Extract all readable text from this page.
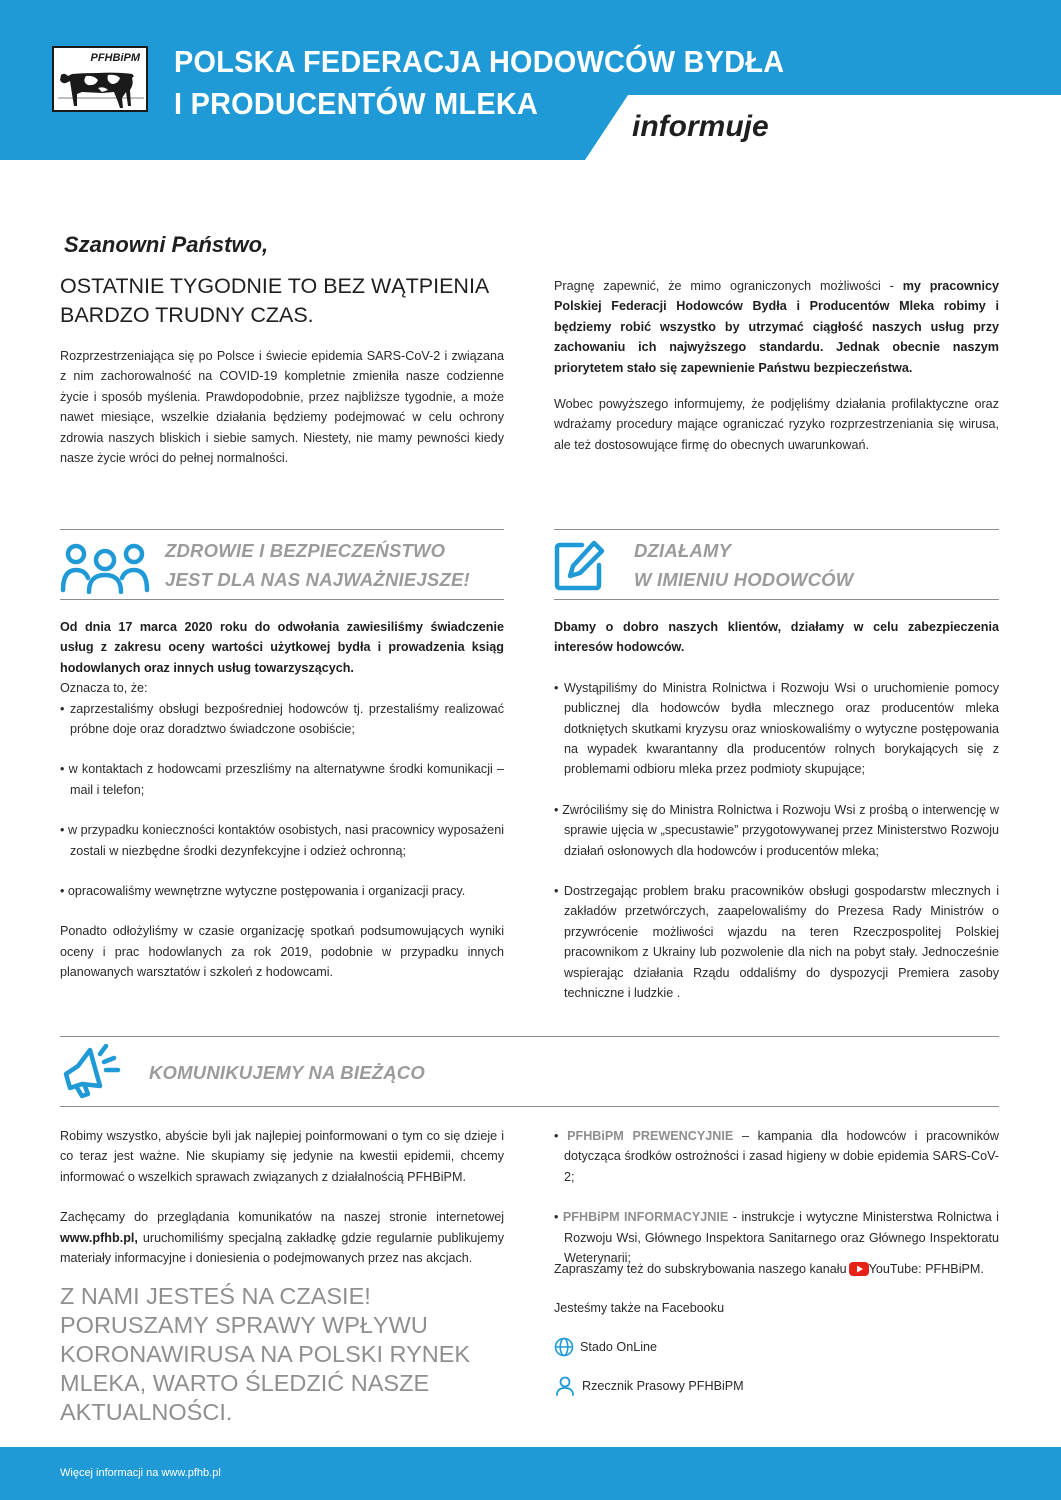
PFHBiPM POLSKA FEDERACJA HODOWCÓW BYDŁA
I PRODUCENTÓW MLEKA
informuje
Szanowni Państwo,
OSTATNIE TYGODNIE TO BEZ WĄTPIENIA
BARDZO TRUDNY CZAS.

Rozprzestrzeniająca się po Polsce i świecie epidemia SARS-CoV-2 i związana z nim zachorowalność na COVID-19 kompletnie zmieniła nasze codzienne życie i sposób myślenia. Prawdopodobnie, przez najbliższe tygodnie, a może nawet miesiące, wszelkie działania będziemy podejmować w celu ochrony zdrowia naszych bliskich i siebie samych. Niestety, nie mamy pewności kiedy nasze życie wróci do pełnej normalności.

Pragnę zapewnić, że mimo ograniczonych możliwości - my pracownicy Polskiej Federacji Hodowców Bydła i Producentów Mleka robimy i będziemy robić wszystko by utrzymać ciągłość naszych usług przy zachowaniu ich najwyższego standardu. Jednak obecnie naszym priorytetem stało się zapewnienie Państwu bezpieczeństwa.

Wobec powyższego informujemy, że podjęliśmy działania profilaktyczne oraz wdrażamy procedury mające ograniczać ryzyko rozprzestrzeniania się wirusa, ale też dostosowujące firmę do obecnych uwarunkowań.

ZDROWIE I BEZPIECZEŃSTWO
JEST DLA NAS NAJWAŻNIEJSZE!

Od dnia 17 marca 2020 roku do odwołania zawiesiliśmy świadczenie usług z zakresu oceny wartości użytkowej bydła i prowadzenia ksiąg hodowlanych oraz innych usług towarzyszących.

Oznacza to, że:

• zaprzestaliśmy obsługi bezpośredniej hodowców tj. przestaliśmy realizować próbne doje oraz doradztwo świadczone osobiście;

• w kontaktach z hodowcami przeszliśmy na alternatywne środki komunikacji – mail i telefon;

• w przypadku konieczności kontaktów osobistych, nasi pracownicy wyposażeni zostali w niezbędne środki dezynfekcyjne i odzież ochronną;

• opracowaliśmy wewnętrzne wytyczne postępowania i organizacji pracy.

Ponadto odłożyliśmy w czasie organizację spotkań podsumowujących wyniki oceny i prac hodowlanych za rok 2019, podobnie w przypadku innych planowanych warsztatów i szkoleń z hodowcami.

DZIAŁAMY
W IMIENIU HODOWCÓW

Dbamy o dobro naszych klientów, działamy w celu zabezpieczenia interesów hodowców.

• Wystąpiliśmy do Ministra Rolnictwa i Rozwoju Wsi o uruchomienie pomocy publicznej dla hodowców bydła mlecznego oraz producentów mleka dotkniętych skutkami kryzysu oraz wnioskowaliśmy o wytyczne postępowania na wypadek kwarantanny dla producentów rolnych borykających się z problemami odbioru mleka przez podmioty skupujące;

• Zwróciliśmy się do Ministra Rolnictwa i Rozwoju Wsi z prośbą o interwencję w sprawie ujęcia w „specustawie” przygotowywanej przez Ministerstwo Rozwoju działań osłonowych dla hodowców i producentów mleka;

• Dostrzegając problem braku pracowników obsługi gospodarstw mlecznych i zakładów przetwórczych, zaapelowaliśmy do Prezesa Rady Ministrów o przywrócenie możliwości wjazdu na teren Rzeczpospolitej Polskiej pracownikom z Ukrainy lub pozwolenie dla nich na pobyt stały. Jednocześnie wspierając działania Rządu oddaliśmy do dyspozycji Premiera zasoby techniczne i ludzkie .

KOMUNIKUJEMY NA BIEŻĄCO

Robimy wszystko, abyście byli jak najlepiej poinformowani o tym co się dzieje i co teraz jest ważne. Nie skupiamy się jedynie na kwestii epidemii, chcemy informować o wszelkich sprawach związanych z działalnością PFHBiPM.

Zachęcamy do przeglądania komunikatów na naszej stronie internetowej www.pfhb.pl, uruchomiliśmy specjalną zakładkę gdzie regularnie publikujemy materiały informacyjne i doniesienia o podejmowanych przez nas akcjach.

Z NAMI JESTEŚ NA CZASIE! PORUSZAMY SPRAWY WPŁYWU KORONAWIRUSA NA POLSKI RYNEK MLEKA, WARTO ŚLEDZIĆ NASZE AKTUALNOŚCI.

• PFHBiPM PREWENCYJNIE – kampania dla hodowców i pracowników dotycząca środków ostrożności i zasad higieny w dobie epidemia SARS-CoV-2;

• PFHBiPM INFORMACYJNIE - instrukcje i wytyczne Ministerstwa Rolnictwa i Rozwoju Wsi, Głównego Inspektora Sanitarnego oraz Głównego Inspektoratu Weterynarii;

Zapraszamy też do subskrybowania naszego kanału YouTube: PFHBiPM.
Jesteśmy także na Facebooku
Stado OnLine
Rzecznik Prasowy PFHBiPM
Więcej informacji na www.pfhb.pl
